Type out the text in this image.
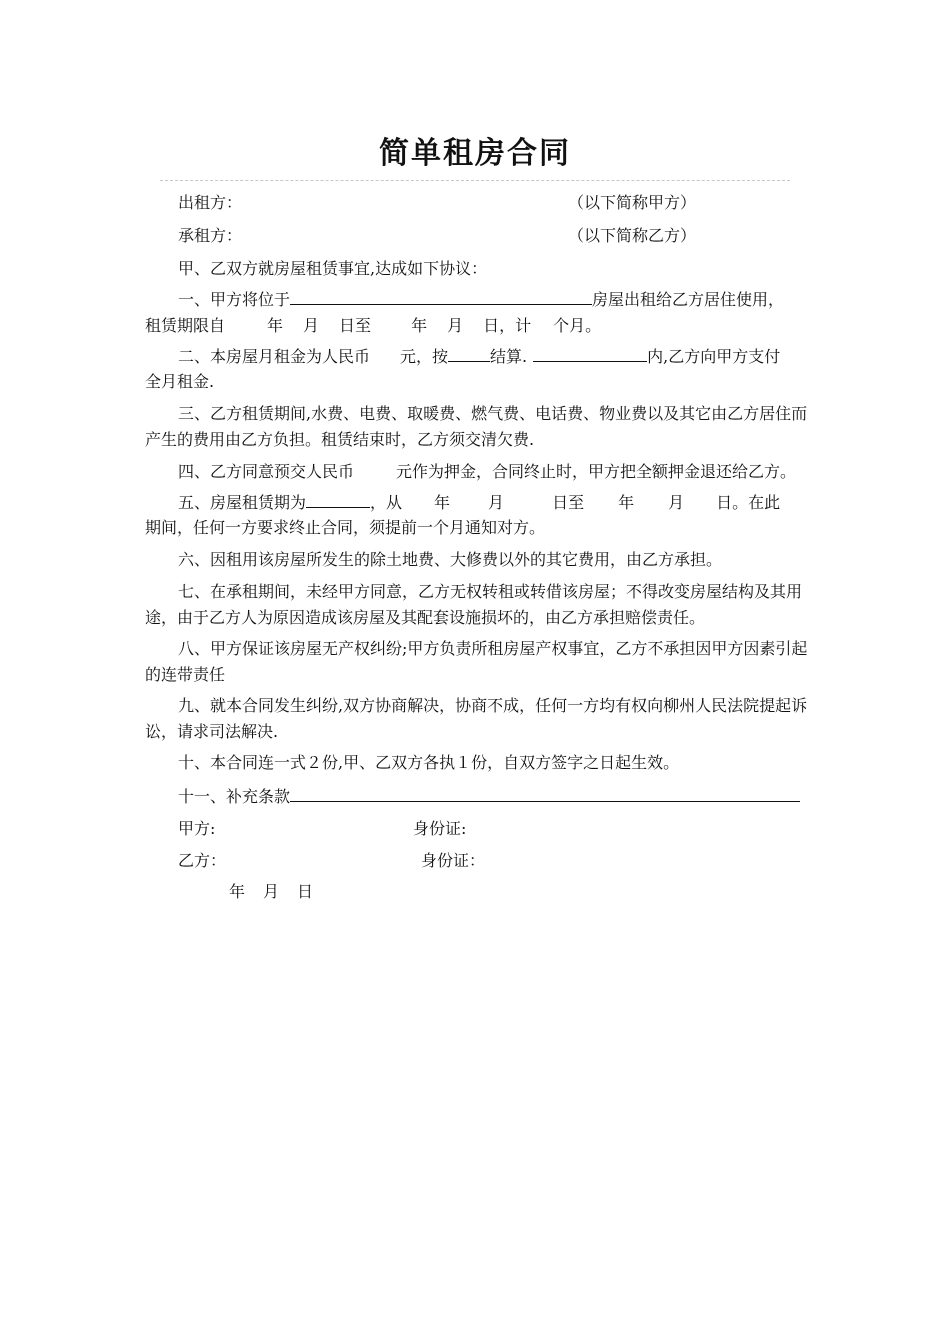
简单租房合同
出租方：	（以下简称甲方）
承租方：	（以下简称乙方）
甲、乙双方就房屋租赁事宜,达成如下协议：
一、甲方将位于	房屋出租给乙方居住使用，
租赁期限自	年 月 日至	年 月 日，计 个月。
二、本房屋月租金为人民币 元，按	结算.	内,乙方向甲方支付
全月租金.
三、乙方租赁期间,水费、电费、取暖费、燃气费、电话费、物业费以及其它由乙方居住而产生的费用由乙方负担。租赁结束时，乙方须交清欠费.
四、乙方同意预交人民币	元作为押金，合同终止时，甲方把全额押金退还给乙方。
五、房屋租赁期为	，从 年 月	日至 年 月 日。在此
期间，任何一方要求终止合同，须提前一个月通知对方。
六、因租用该房屋所发生的除土地费、大修费以外的其它费用，由乙方承担。
七、在承租期间，未经甲方同意，乙方无权转租或转借该房屋；不得改变房屋结构及其用途，由于乙方人为原因造成该房屋及其配套设施损坏的，由乙方承担赔偿责任。
八、甲方保证该房屋无产权纠纷;甲方负责所租房屋产权事宜，乙方不承担因甲方因素引起的连带责任
九、就本合同发生纠纷,双方协商解决，协商不成，任何一方均有权向柳州人民法院提起诉讼，请求司法解决.
十、本合同连一式２份,甲、乙双方各执１份，自双方签字之日起生效。
十一、补充条款
甲方:	身份证:
乙方：	身份证：
年 月 日
